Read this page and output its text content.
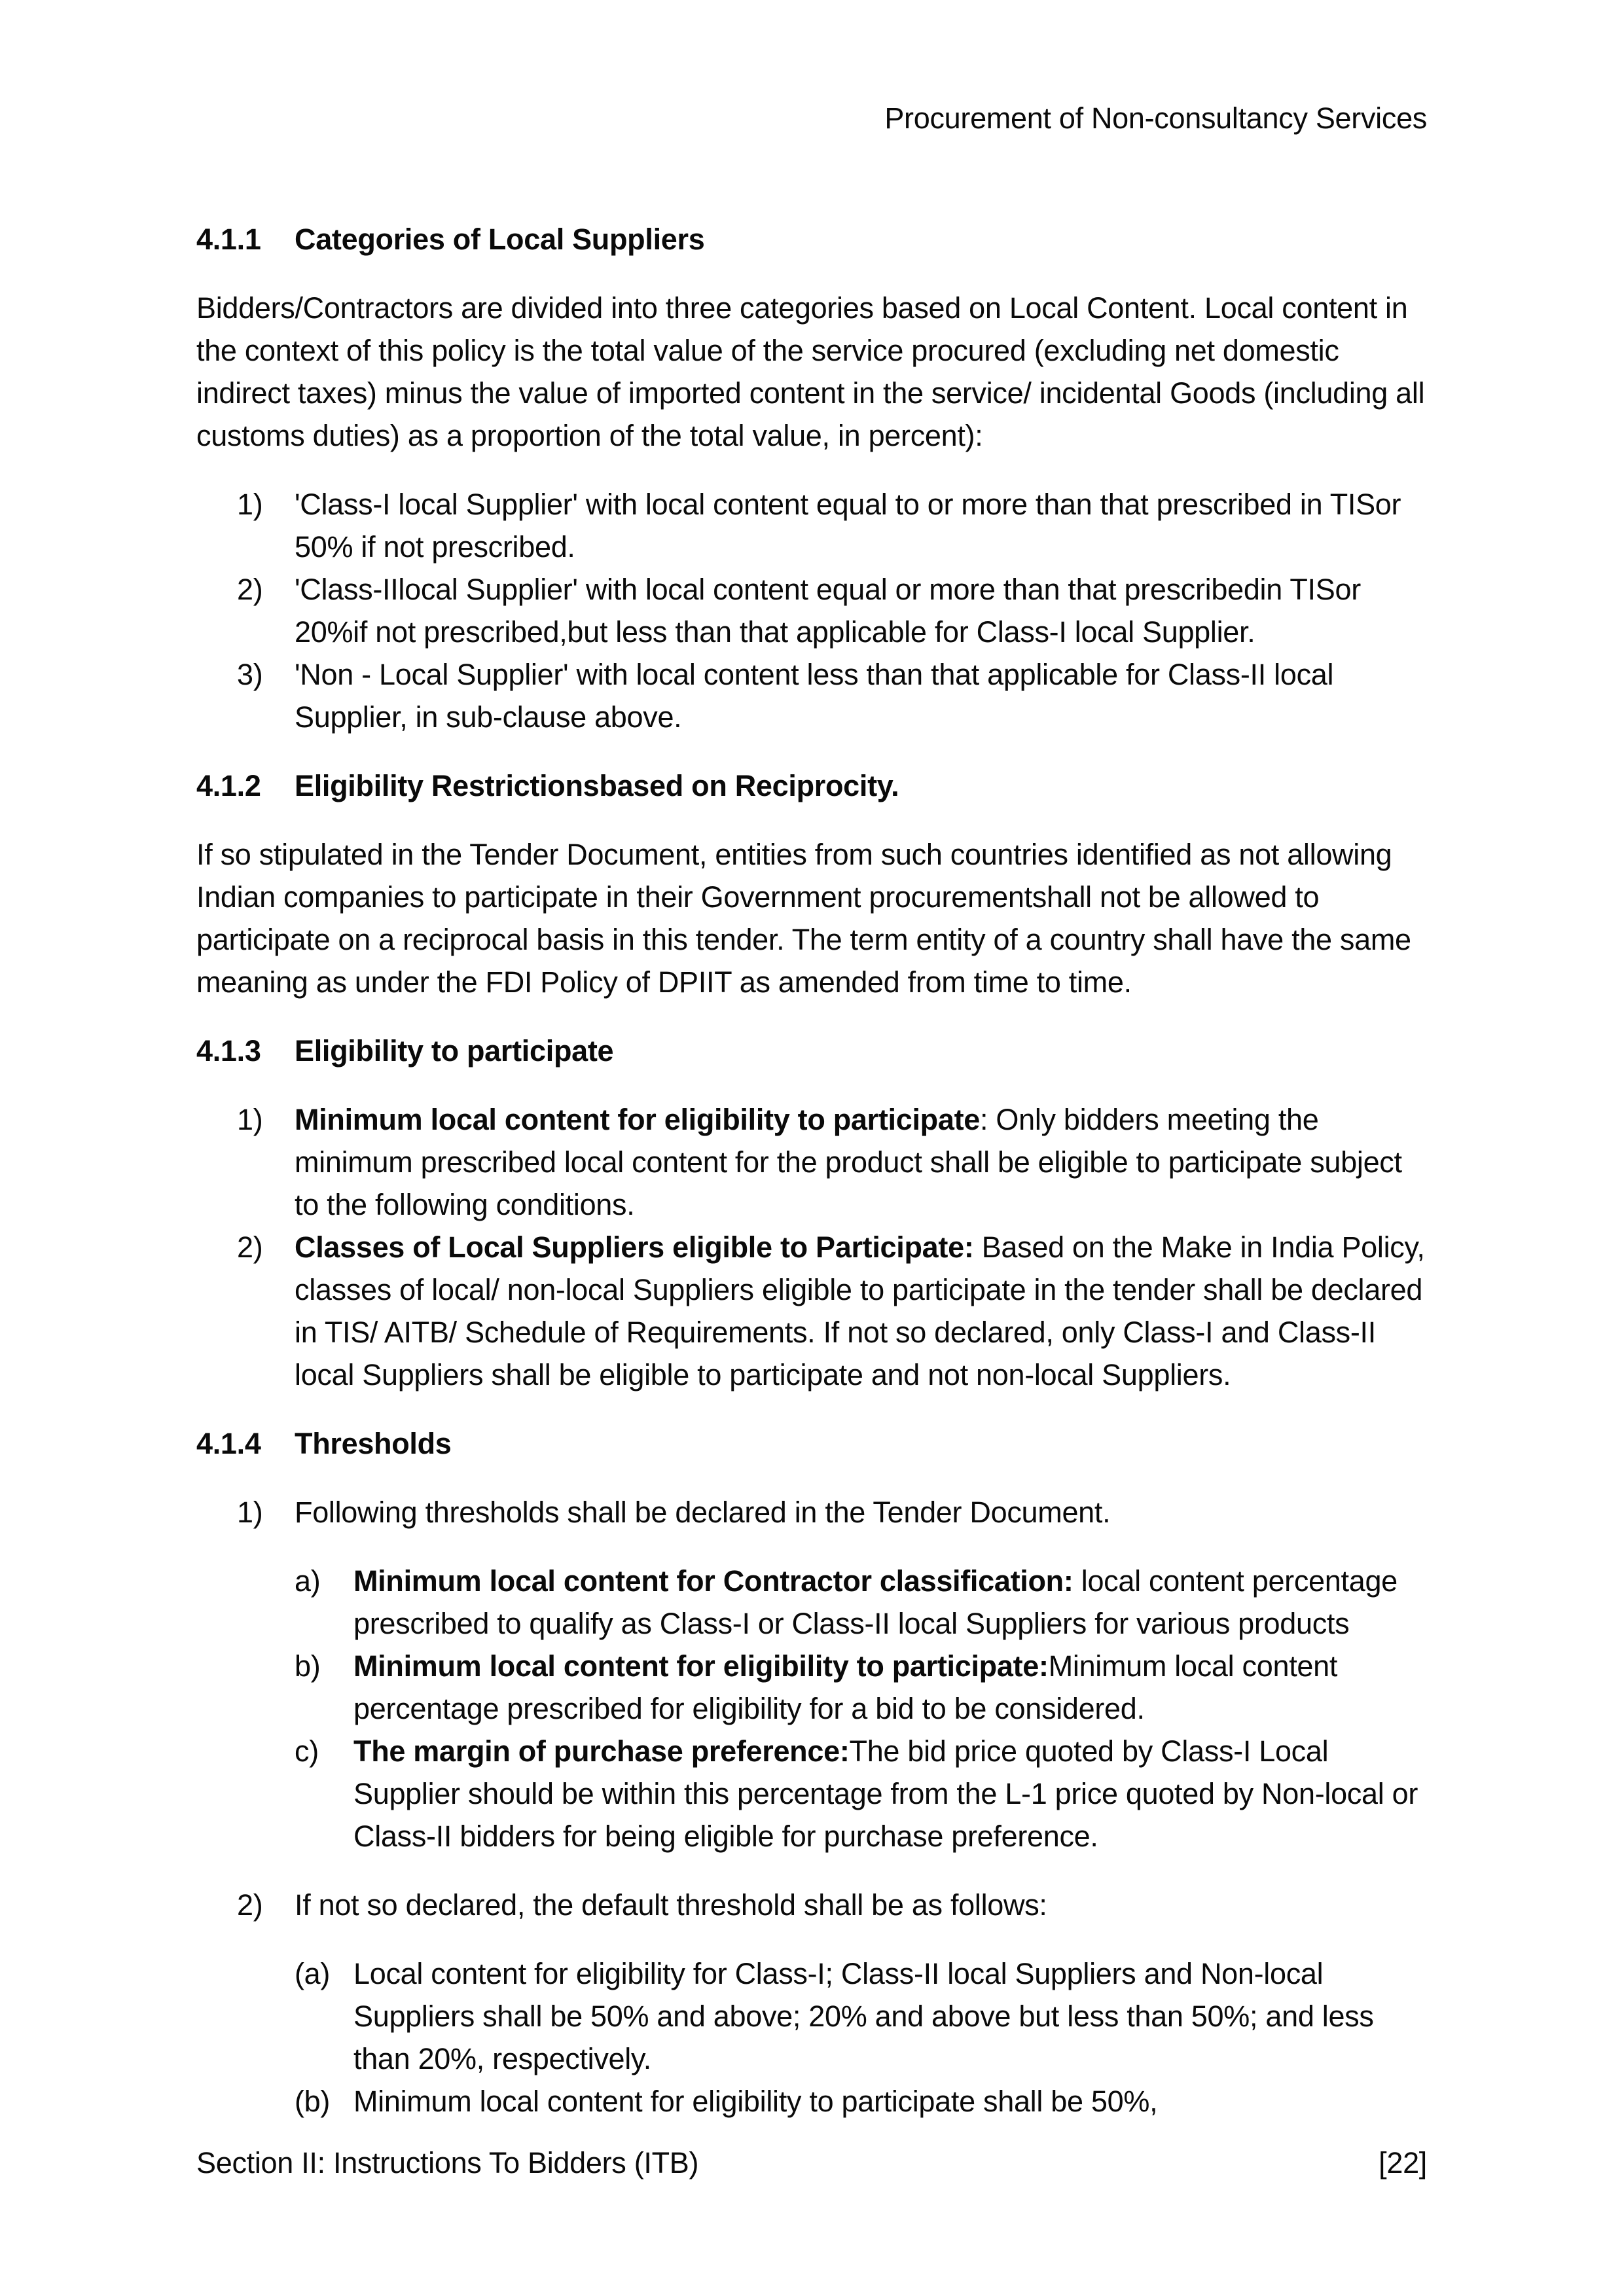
Procurement of Non-consultancy Services
4.1.1	Categories of Local Suppliers
Bidders/Contractors are divided into three categories based on Local Content. Local content in the context of this policy is the total value of the service procured (excluding net domestic indirect taxes) minus the value of imported content in the service/ incidental Goods (including all customs duties) as a proportion of the total value, in percent):
1) 'Class-I local Supplier' with local content equal to or more than that prescribed in TISor 50% if not prescribed.
2) 'Class-IIlocal Supplier' with local content equal or more than that prescribedin TISor 20%if not prescribed,but less than that applicable for Class-I local Supplier.
3) 'Non - Local Supplier' with local content less than that applicable for Class-II local Supplier, in sub-clause above.
4.1.2	Eligibility Restrictionsbased on Reciprocity.
If so stipulated in the Tender Document, entities from such countries identified as not allowing Indian companies to participate in their Government procurementshall not be allowed to participate on a reciprocal basis in this tender. The term entity of a country shall have the same meaning as under the FDI Policy of DPIIT as amended from time to time.
4.1.3	Eligibility to participate
1) Minimum local content for eligibility to participate: Only bidders meeting the minimum prescribed local content for the product shall be eligible to participate subject to the following conditions.
2) Classes of Local Suppliers eligible to Participate: Based on the Make in India Policy, classes of local/ non-local Suppliers eligible to participate in the tender shall be declared in TIS/ AITB/ Schedule of Requirements. If not so declared, only Class-I and Class-II local Suppliers shall be eligible to participate and not non-local Suppliers.
4.1.4	Thresholds
1) Following thresholds shall be declared in the Tender Document.
a) Minimum local content for Contractor classification: local content percentage prescribed to qualify as Class-I or Class-II local Suppliers for various products
b) Minimum local content for eligibility to participate:Minimum local content percentage prescribed for eligibility for a bid to be considered.
c) The margin of purchase preference:The bid price quoted by Class-I Local Supplier should be within this percentage from the L-1 price quoted by Non-local or Class-II bidders for being eligible for purchase preference.
2) If not so declared, the default threshold shall be as follows:
(a) Local content for eligibility for Class-I; Class-II local Suppliers and Non-local Suppliers shall be 50% and above; 20% and above but less than 50%; and less than 20%, respectively.
(b) Minimum local content for eligibility to participate shall be 50%,
Section II: Instructions To Bidders (ITB)	[22]
